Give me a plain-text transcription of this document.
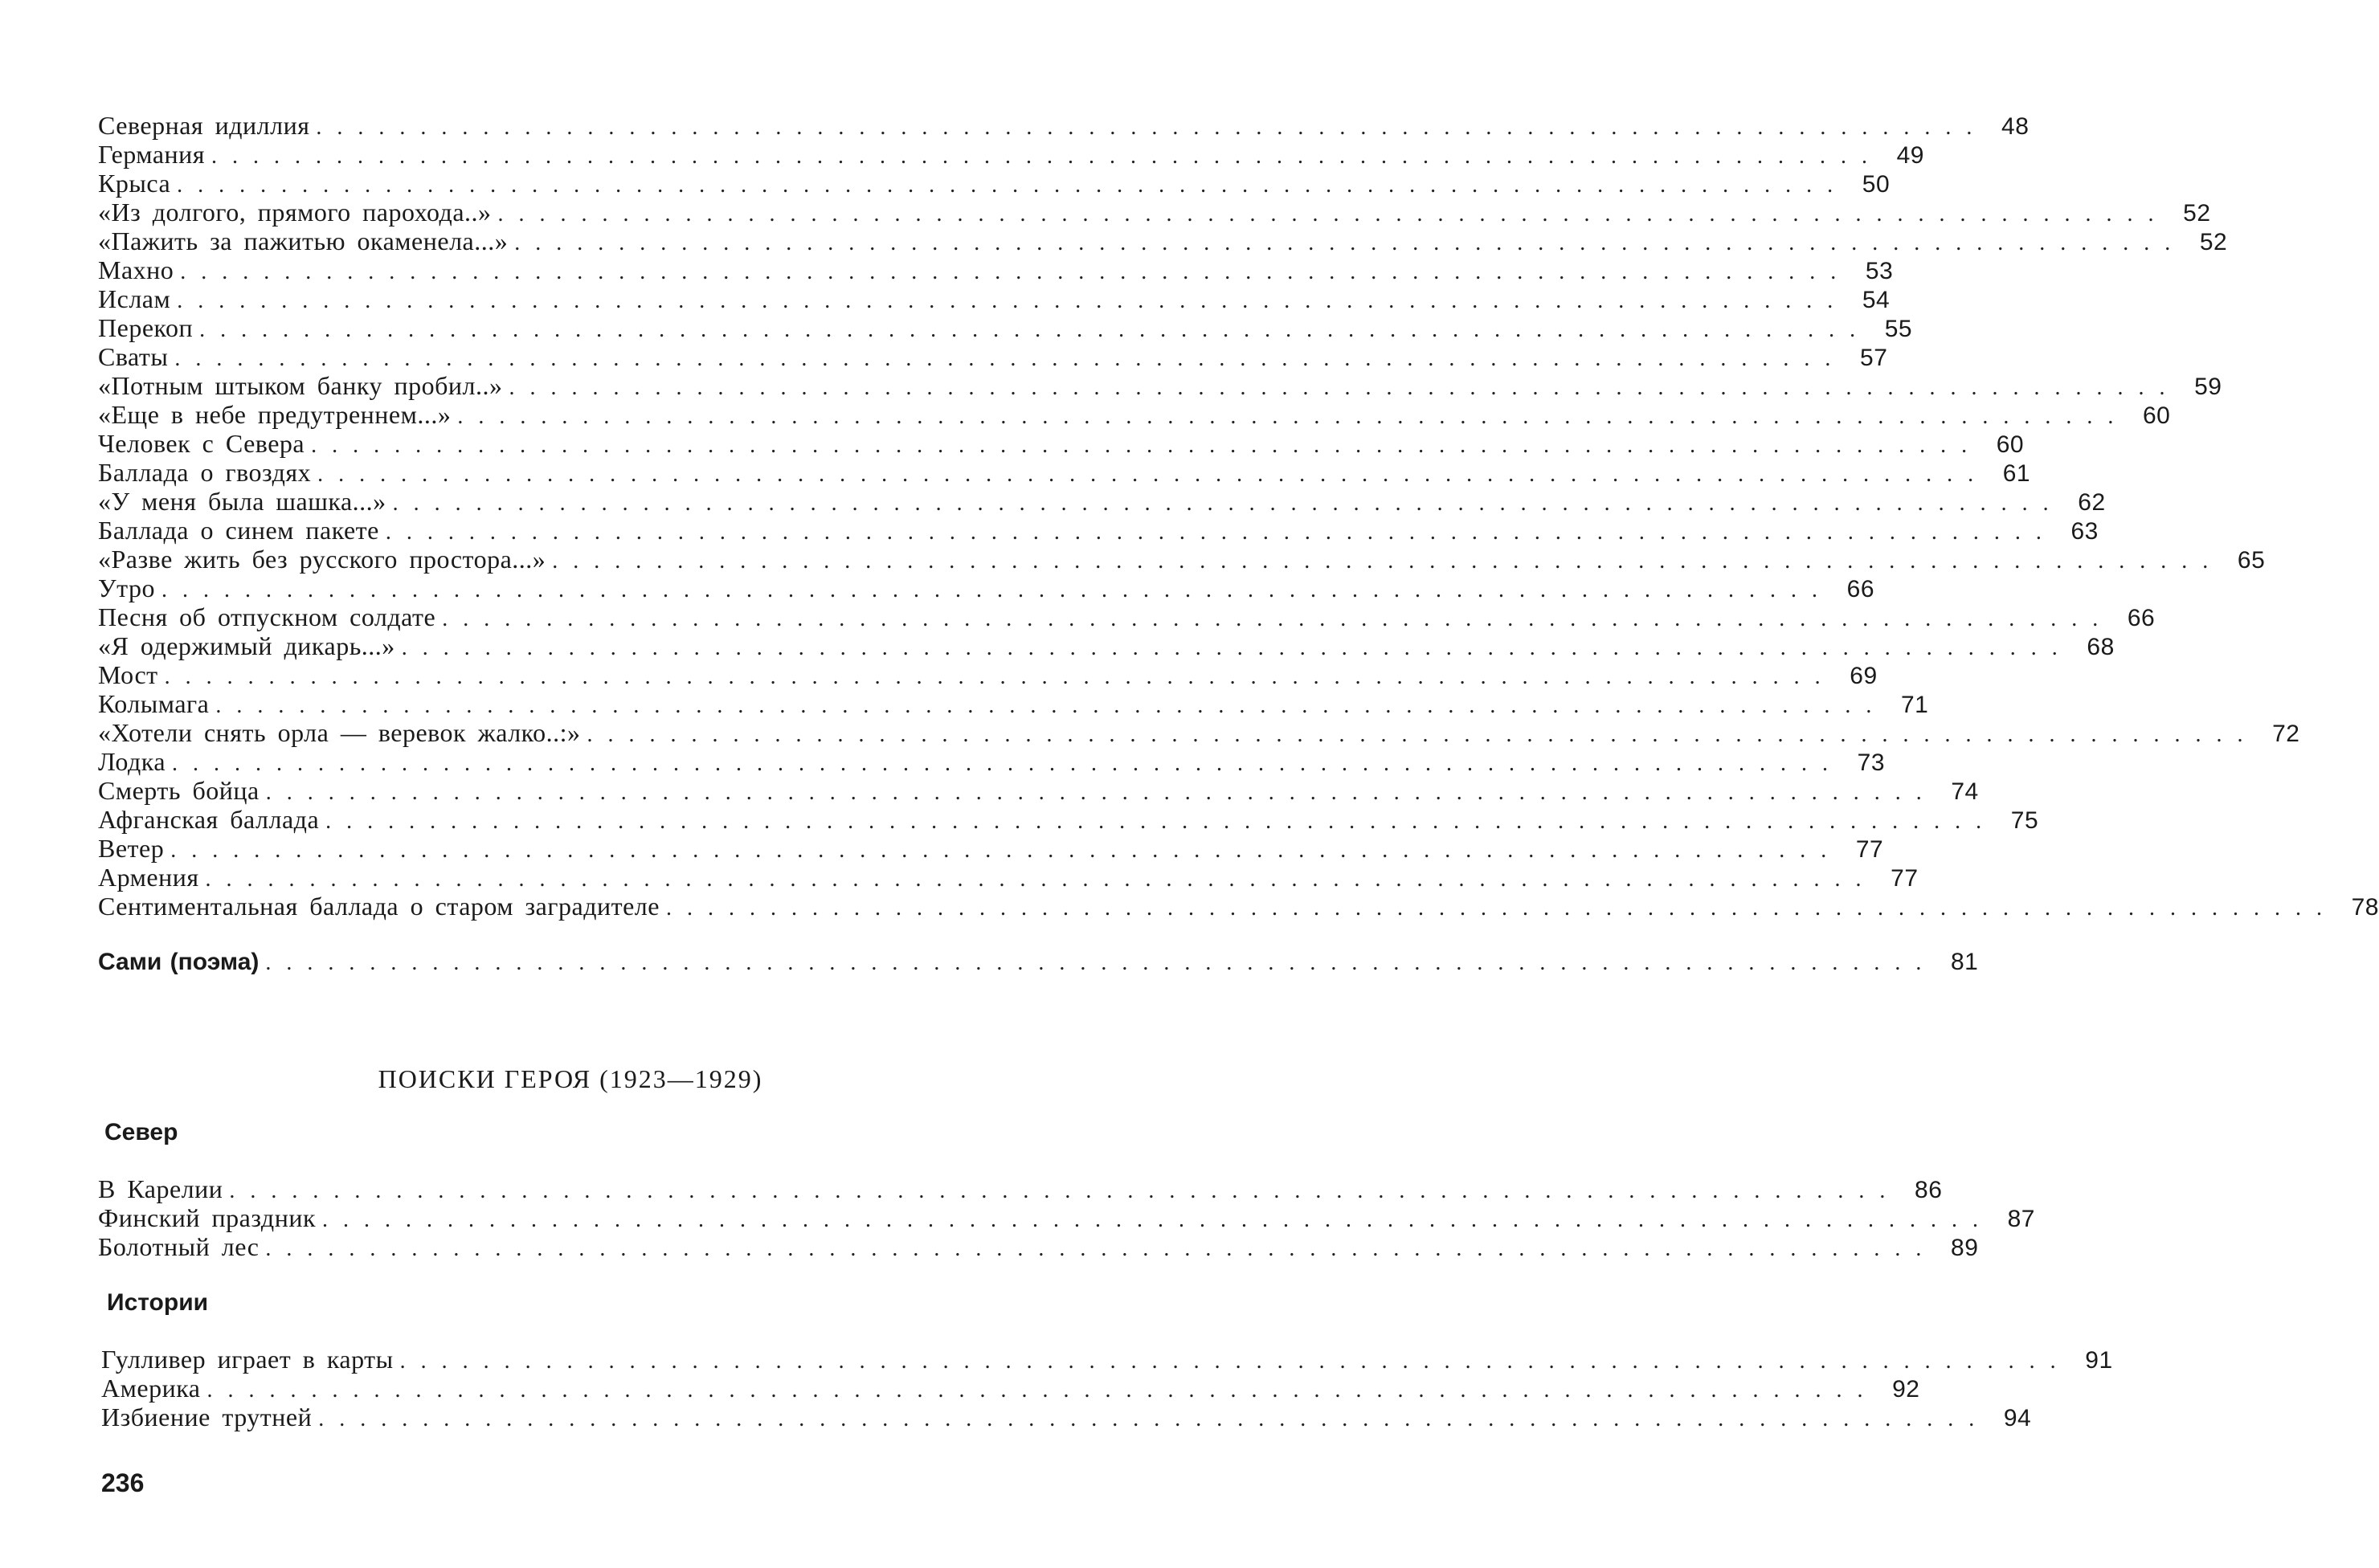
Северная идиллия ................................................................................ 48
Германия ................................................................................ 49
Крыса ................................................................................ 50
«Из долгого, прямого парохода..» ................................................................................ 52
«Пажить за пажитью окаменела...» ................................................................................ 52
Махно ................................................................................ 53
Ислам ................................................................................ 54
Перекоп ................................................................................ 55
Сваты ................................................................................ 57
«Потным штыком банку пробил..» ................................................................................ 59
«Еще в небе предутреннем...» ................................................................................ 60
Человек с Севера ................................................................................ 60
Баллада о гвоздях ................................................................................ 61
«У меня была шашка...» ................................................................................ 62
Баллада о синем пакете ................................................................................ 63
«Разве жить без русского простора...» ................................................................................ 65
Утро ................................................................................ 66
Песня об отпускном солдате ................................................................................ 66
«Я одержимый дикарь...» ................................................................................ 68
Мост ................................................................................ 69
Колымага ................................................................................ 71
«Хотели снять орла — веревок жалко..:» ................................................................................ 72
Лодка ................................................................................ 73
Смерть бойца ................................................................................ 74
Афганская баллада ................................................................................ 75
Ветер ................................................................................ 77
Армения ................................................................................ 77
Сентиментальная баллада о старом заградителе ................................................................................ 78
Сами (поэма) ................................................................................ 81
ПОИСКИ ГЕРОЯ (1923—1929)
Север
В Карелии ................................................................................ 86
Финский праздник ................................................................................ 87
Болотный лес ................................................................................ 89
Истории
Гулливер играет в карты ................................................................................ 91
Америка ................................................................................ 92
Избиение трутней ................................................................................ 94
236
